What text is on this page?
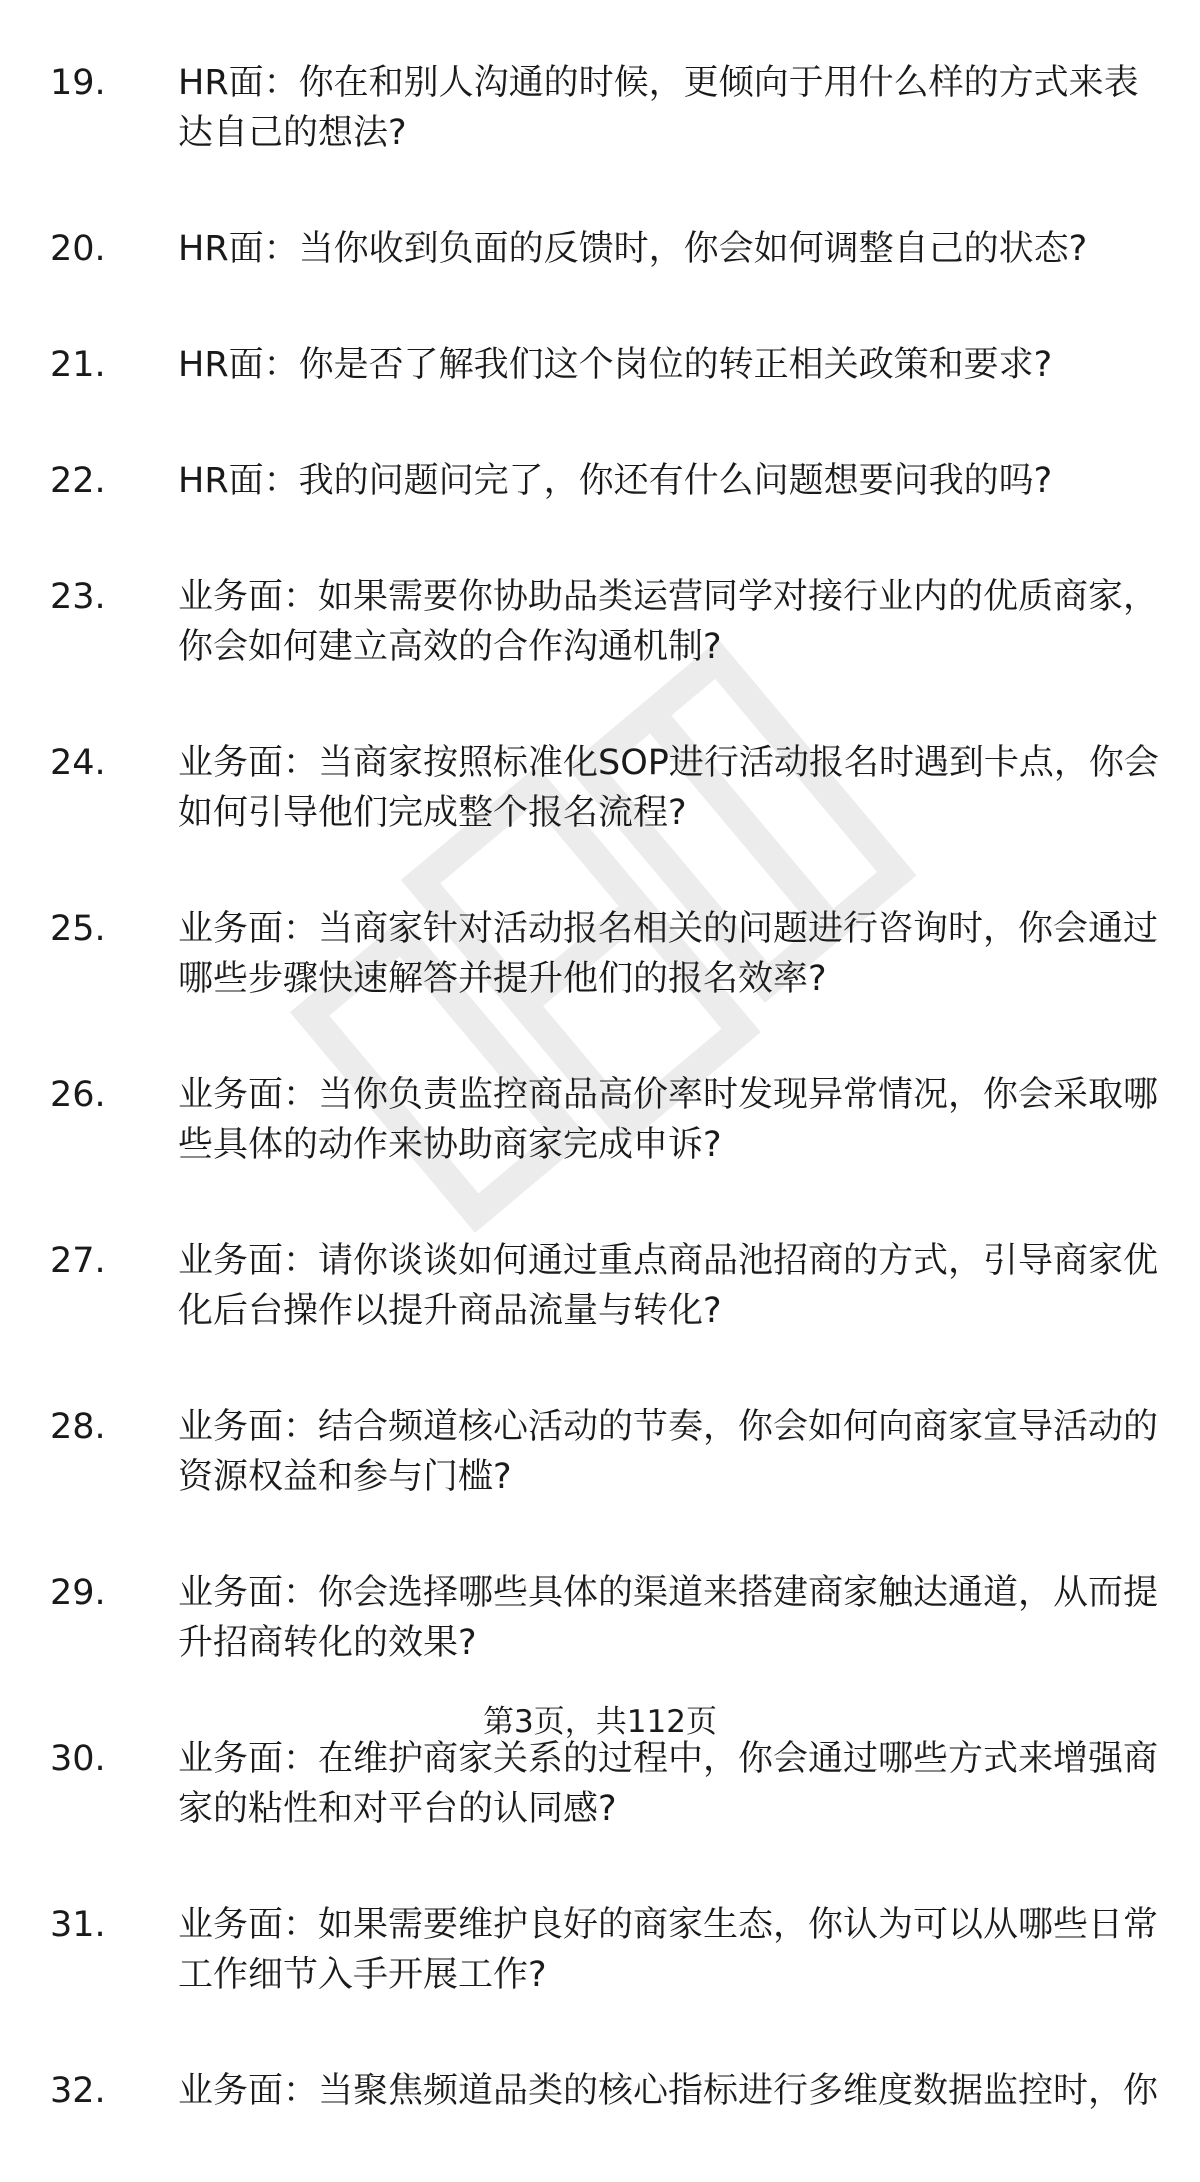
19.	HR面：你在和别人沟通的时候，更倾向于用什么样的方式来表达自己的想法?
20.	HR面：当你收到负面的反馈时，你会如何调整自己的状态?
21.	HR面：你是否了解我们这个岗位的转正相关政策和要求?
22.	HR面：我的问题问完了，你还有什么问题想要问我的吗?
23.	业务面：如果需要你协助品类运营同学对接行业内的优质商家，你会如何建立高效的合作沟通机制?
24.	业务面：当商家按照标准化SOP进行活动报名时遇到卡点，你会如何引导他们完成整个报名流程?
25.	业务面：当商家针对活动报名相关的问题进行咨询时，你会通过哪些步骤快速解答并提升他们的报名效率?
26.	业务面：当你负责监控商品高价率时发现异常情况，你会采取哪些具体的动作来协助商家完成申诉?
27.	业务面：请你谈谈如何通过重点商品池招商的方式，引导商家优化后台操作以提升商品流量与转化?
28.	业务面：结合频道核心活动的节奏，你会如何向商家宣导活动的资源权益和参与门槛?
29.	业务面：你会选择哪些具体的渠道来搭建商家触达通道，从而提升招商转化的效果?
30.	业务面：在维护商家关系的过程中，你会通过哪些方式来增强商家的粘性和对平台的认同感?
31.	业务面：如果需要维护良好的商家生态，你认为可以从哪些日常工作细节入手开展工作?
32.	业务面：当聚焦频道品类的核心指标进行多维度数据监控时，你
第3页，共112页
